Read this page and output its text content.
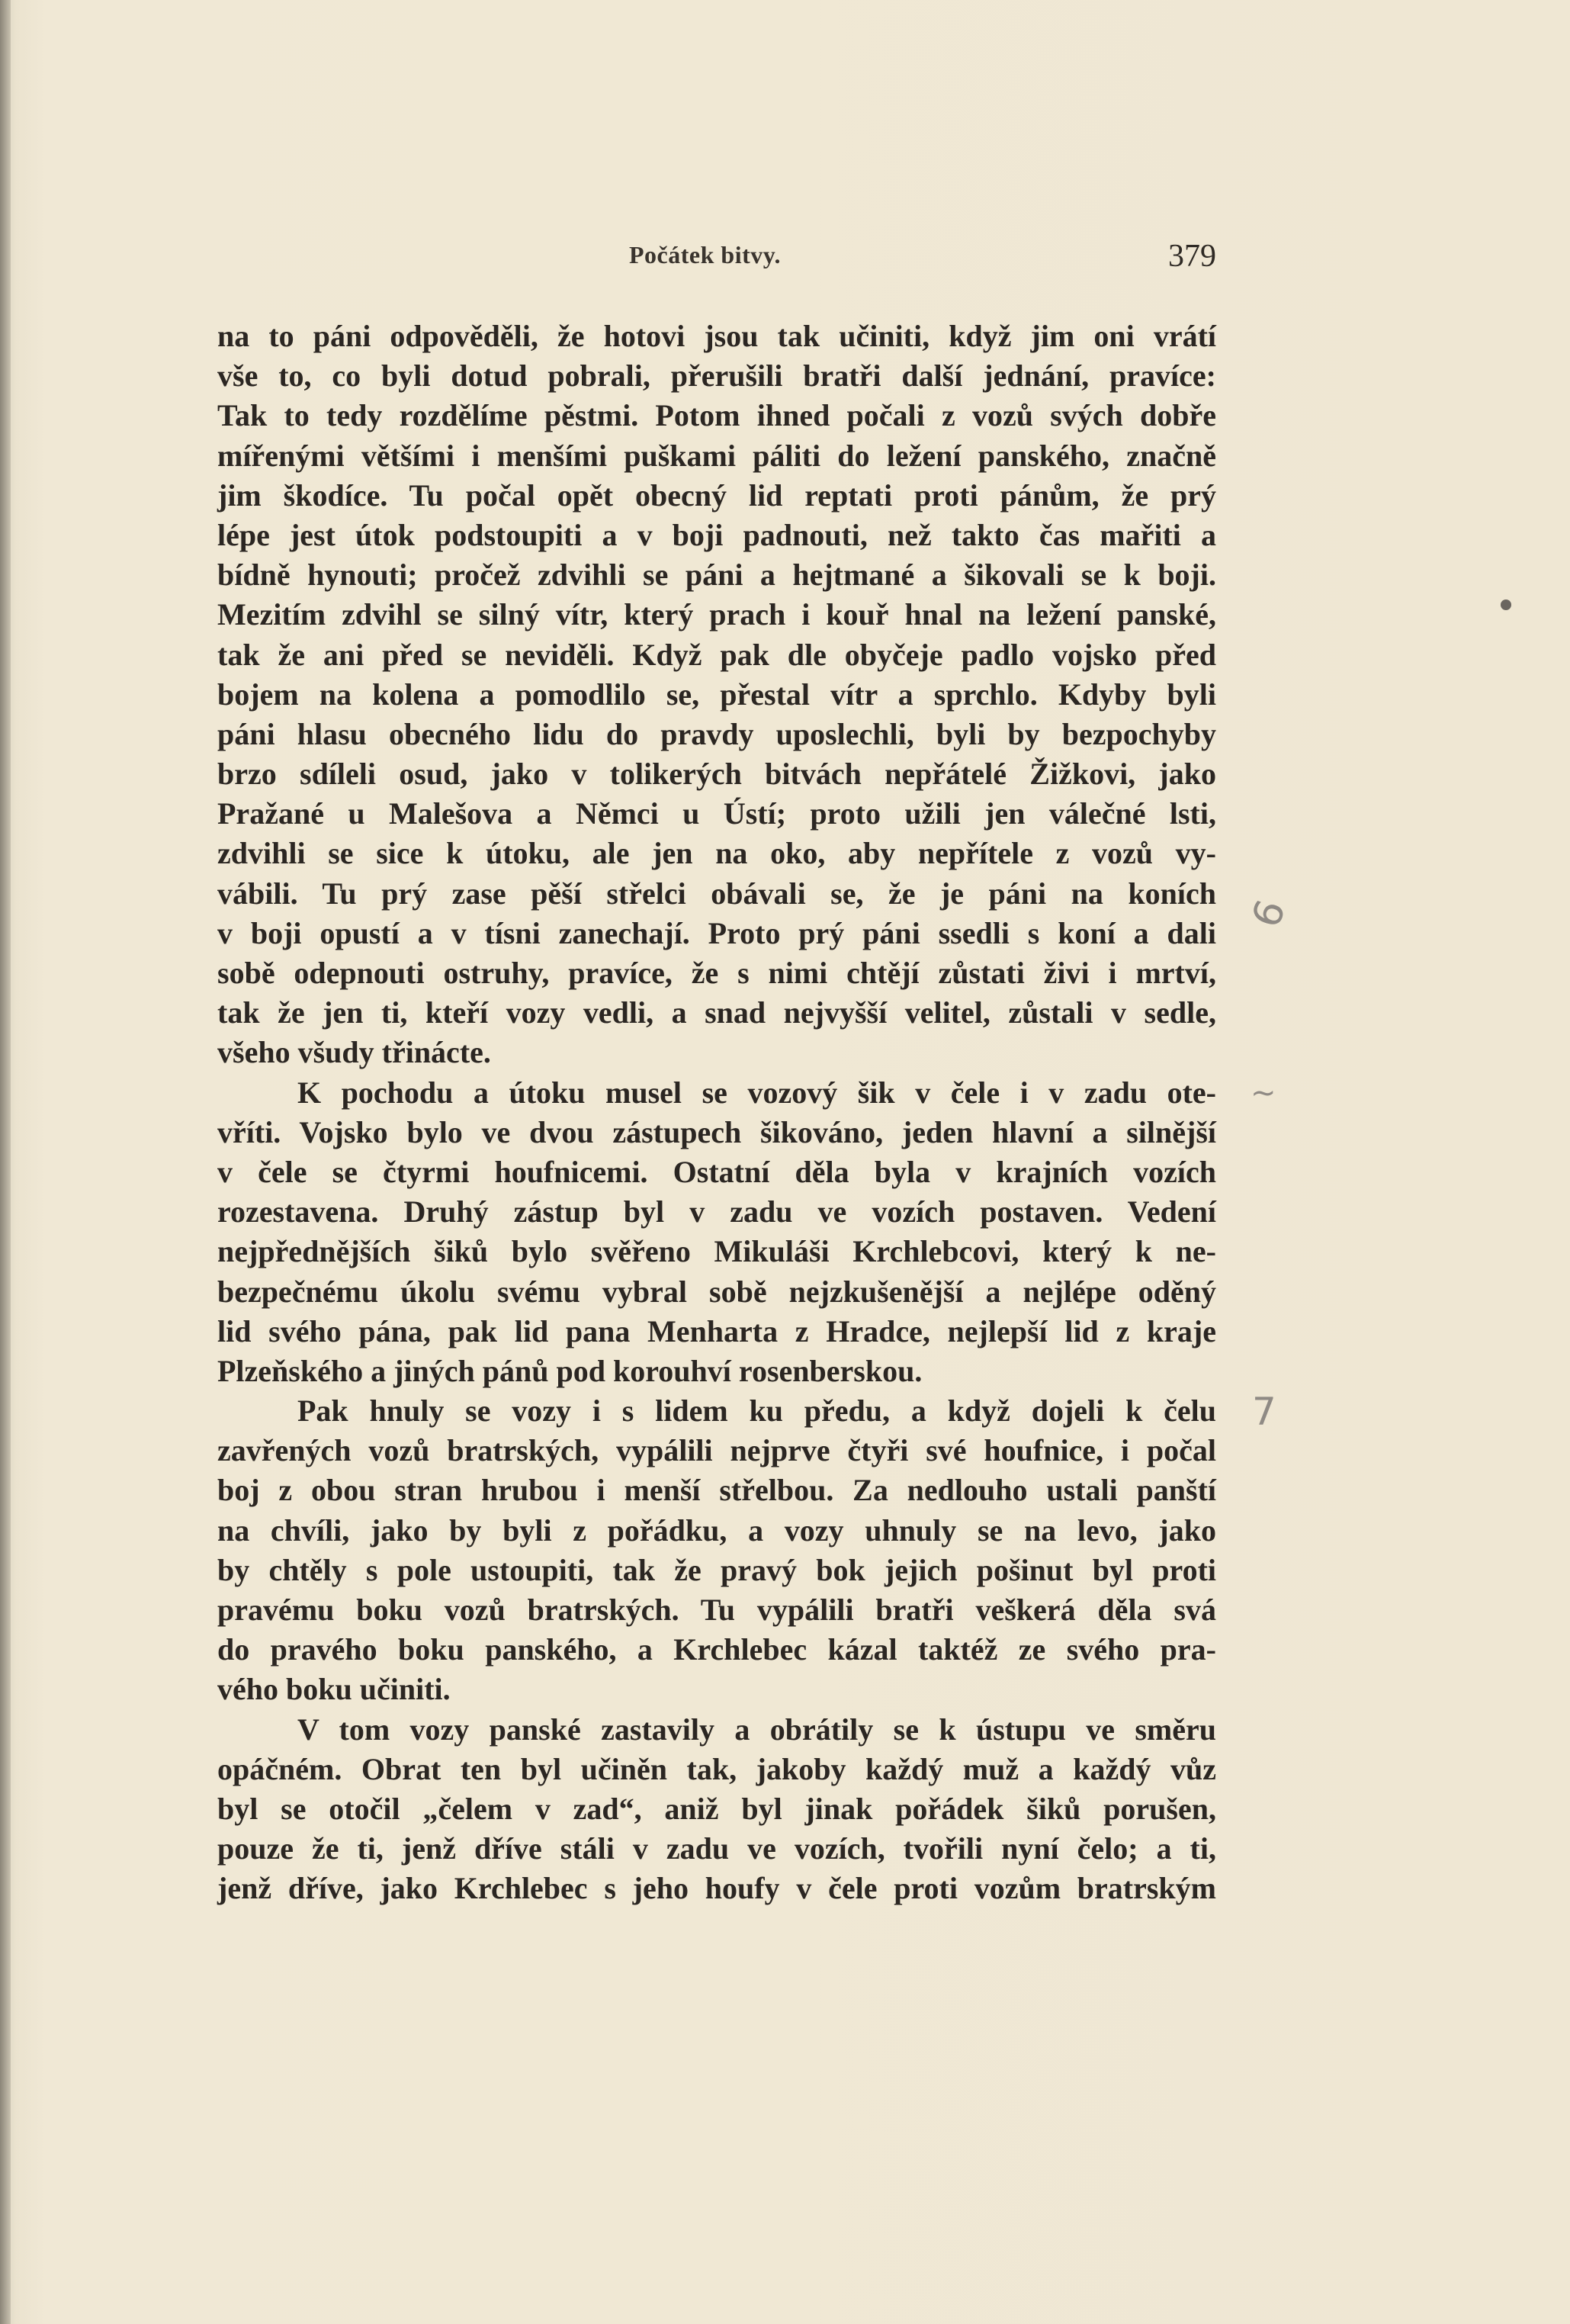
Počátek bitvy.	379
na to páni odpověděli, že hotovi jsou tak učiniti, když jim oni vrátí
vše to, co byli dotud pobrali, přerušili bratři další jednání, pravíce:
Tak to tedy rozdělíme pěstmi. Potom ihned počali z vozů svých dobře
mířenými většími i menšími puškami páliti do ležení panského, značně
jim škodíce. Tu počal opět obecný lid reptati proti pánům, že prý
lépe jest útok podstoupiti a v boji padnouti, než takto čas mařiti a
bídně hynouti; pročež zdvihli se páni a hejtmané a šikovali se k boji.
Mezitím zdvihl se silný vítr, který prach i kouř hnal na ležení panské,
tak že ani před se neviděli. Když pak dle obyčeje padlo vojsko před
bojem na kolena a pomodlilo se, přestal vítr a sprchlo. Kdyby byli
páni hlasu obecného lidu do pravdy uposlechli, byli by bezpochyby
brzo sdíleli osud, jako v tolikerých bitvách nepřátelé Žižkovi, jako
Pražané u Malešova a Němci u Ústí; proto užili jen válečné lsti,
zdvihli se sice k útoku, ale jen na oko, aby nepřítele z vozů vy-
vábili. Tu prý zase pěší střelci obávali se, že je páni na koních
v boji opustí a v tísni zanechají. Proto prý páni ssedli s koní a dali
sobě odepnouti ostruhy, pravíce, že s nimi chtějí zůstati živi i mrtví,
tak že jen ti, kteří vozy vedli, a snad nejvyšší velitel, zůstali v sedle,
všeho všudy třinácte.
K pochodu a útoku musel se vozový šik v čele i v zadu ote-
vříti. Vojsko bylo ve dvou zástupech šikováno, jeden hlavní a silnější
v čele se čtyrmi houfnicemi. Ostatní děla byla v krajních vozích
rozestavena. Druhý zástup byl v zadu ve vozích postaven. Vedení
nejpřednějších šiků bylo svěřeno Mikuláši Krchlebcovi, který k ne-
bezpečnému úkolu svému vybral sobě nejzkušenější a nejlépe oděný
lid svého pána, pak lid pana Menharta z Hradce, nejlepší lid z kraje
Plzeňského a jiných pánů pod korouhví rosenberskou.
Pak hnuly se vozy i s lidem ku předu, a když dojeli k čelu
zavřených vozů bratrských, vypálili nejprve čtyři své houfnice, i počal
boj z obou stran hrubou i menší střelbou. Za nedlouho ustali panští
na chvíli, jako by byli z pořádku, a vozy uhnuly se na levo, jako
by chtěly s pole ustoupiti, tak že pravý bok jejich pošinut byl proti
pravému boku vozů bratrských. Tu vypálili bratři veškerá děla svá
do pravého boku panského, a Krchlebec kázal taktéž ze svého pra-
vého boku učiniti.
V tom vozy panské zastavily a obrátily se k ústupu ve směru
opáčném. Obrat ten byl učiněn tak, jakoby každý muž a každý vůz
byl se otočil „čelem v zad“, aniž byl jinak pořádek šiků porušen,
pouze že ti, jenž dříve stáli v zadu ve vozích, tvořili nyní čelo; a ti,
jenž dříve, jako Krchlebec s jeho houfy v čele proti vozům bratrským
6
~
7
